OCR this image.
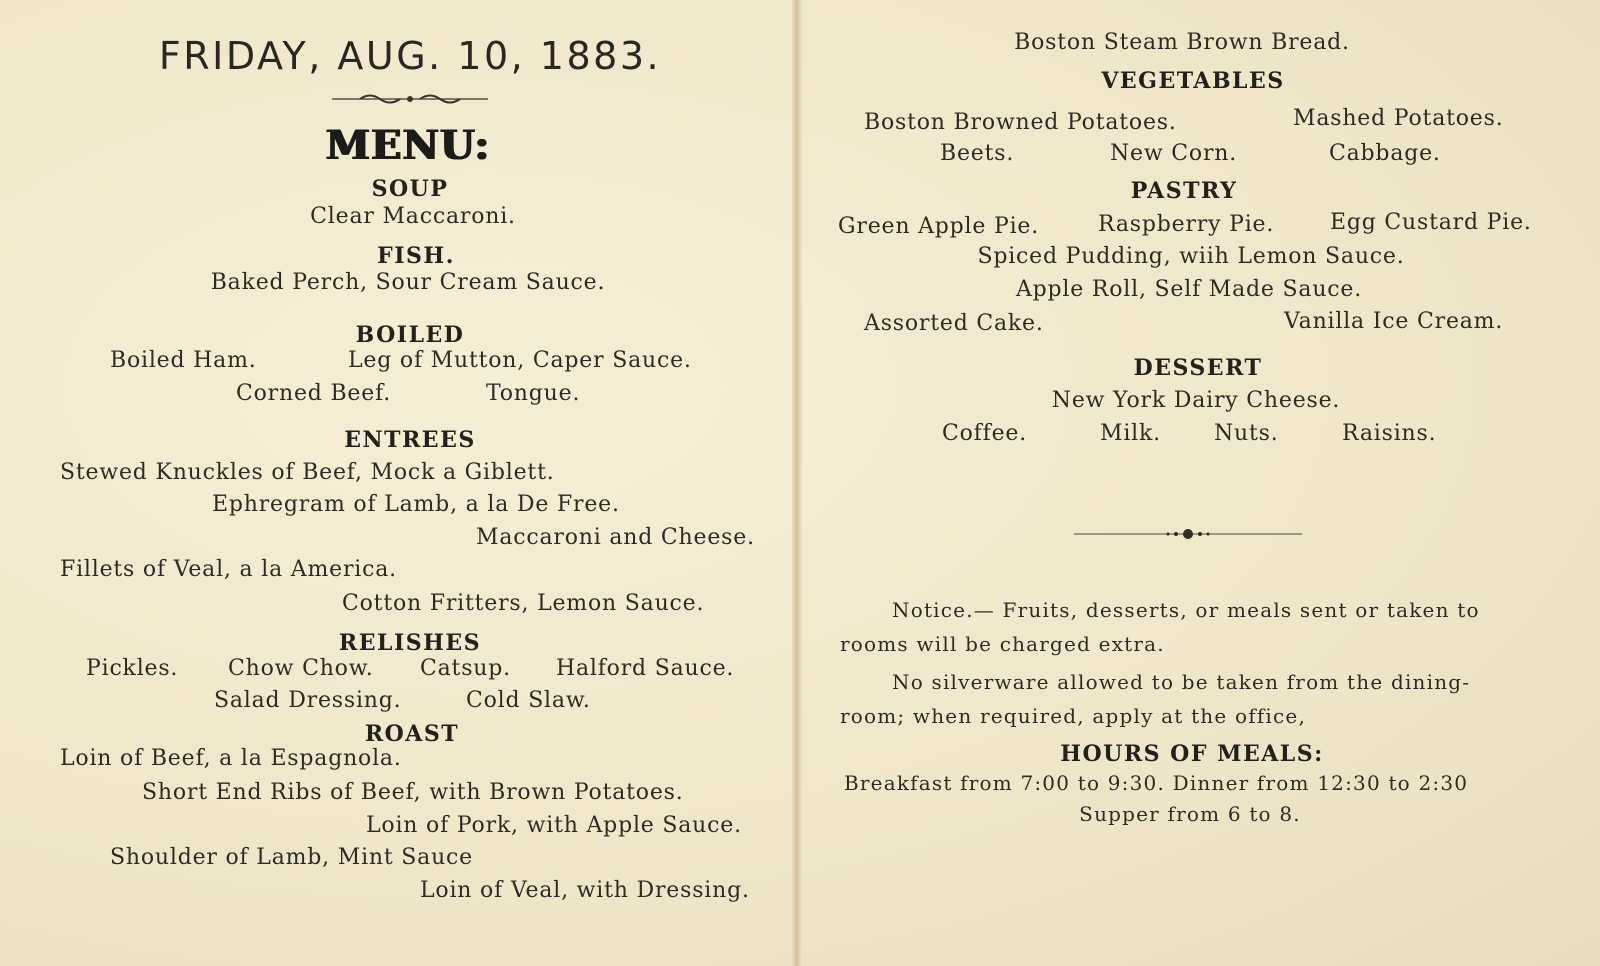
FRIDAY, AUG. 10, 1883.
MENU:
SOUP
Clear Maccaroni.
FISH.
Baked Perch, Sour Cream Sauce.
BOILED
Boiled Ham.	Leg of Mutton, Caper Sauce.
Corned Beef.	Tongue.
ENTREES
Stewed Knuckles of Beef, Mock a Giblett.
Ephregram of Lamb, a la De Free.
Maccaroni and Cheese.
Fillets of Veal, a la America.
Cotton Fritters, Lemon Sauce.
RELISHES
Pickles. Chow Chow. Catsup. Halford Sauce.
Salad Dressing.	Cold Slaw.
ROAST
Loin of Beef, a la Espagnola.
Short End Ribs of Beef, with Brown Potatoes.
Loin of Pork, with Apple Sauce.
Shoulder of Lamb, Mint Sauce
Loin of Veal, with Dressing.
Boston Steam Brown Bread.
VEGETABLES
Boston Browned Potatoes.	Mashed Potatoes.
Beets.	New Corn.	Cabbage.
PASTRY
Green Apple Pie.	Raspberry Pie.	Egg Custard Pie.
Spiced Pudding, wiih Lemon Sauce.
Apple Roll, Self Made Sauce.
Assorted Cake.	Vanilla Ice Cream.
DESSERT
New York Dairy Cheese.
Coffee.	Milk. Nuts.	Raisins.
Notice.— Fruits, desserts, or meals sent or taken to
rooms will be charged extra.
No silverware allowed to be taken from the dining-
room; when required, apply at the office,
HOURS OF MEALS:
Breakfast from 7:00 to 9:30. Dinner from 12:30 to 2:30
Supper from 6 to 8.
